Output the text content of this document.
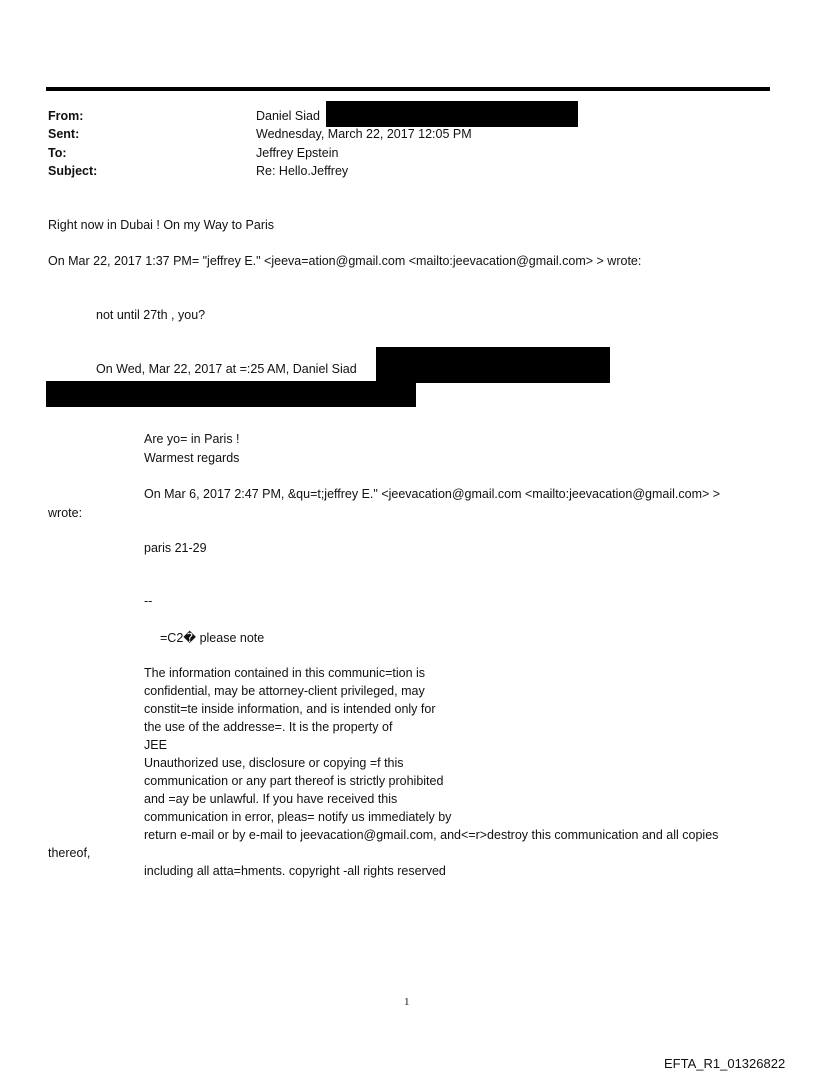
From:	Daniel Siad
Sent:	Wednesday, March 22, 2017 12:05 PM
To:	Jeffrey Epstein
Subject:	Re: Hello.Jeffrey
Right now in Dubai ! On my Way to Paris
On Mar 22, 2017 1:37 PM= "jeffrey E." <jeeva=ation@gmail.com <mailto:jeevacation@gmail.com> > wrote:
not until 27th , you?
On Wed, Mar 22, 2017 at =:25 AM, Daniel Siad
Are yo= in Paris !
Warmest regards
On Mar 6, 2017 2:47 PM, &qu=t;jeffrey E." <jeevacation@gmail.com <mailto:jeevacation@gmail.com> >
wrote:
paris 21-29
--
=C2� please note
The information contained in this communic=tion is
confidential, may be attorney-client privileged, may
constit=te inside information, and is intended only for
the use of the addresse=. It is the property of
JEE
Unauthorized use, disclosure or copying =f this
communication or any part thereof is strictly prohibited
and =ay be unlawful. If you have received this
communication in error, pleas= notify us immediately by
return e-mail or by e-mail to jeevacation@gmail.com, and<=r>destroy this communication and all copies
thereof,
including all atta=hments. copyright -all rights reserved
1
EFTA_R1_01326822
